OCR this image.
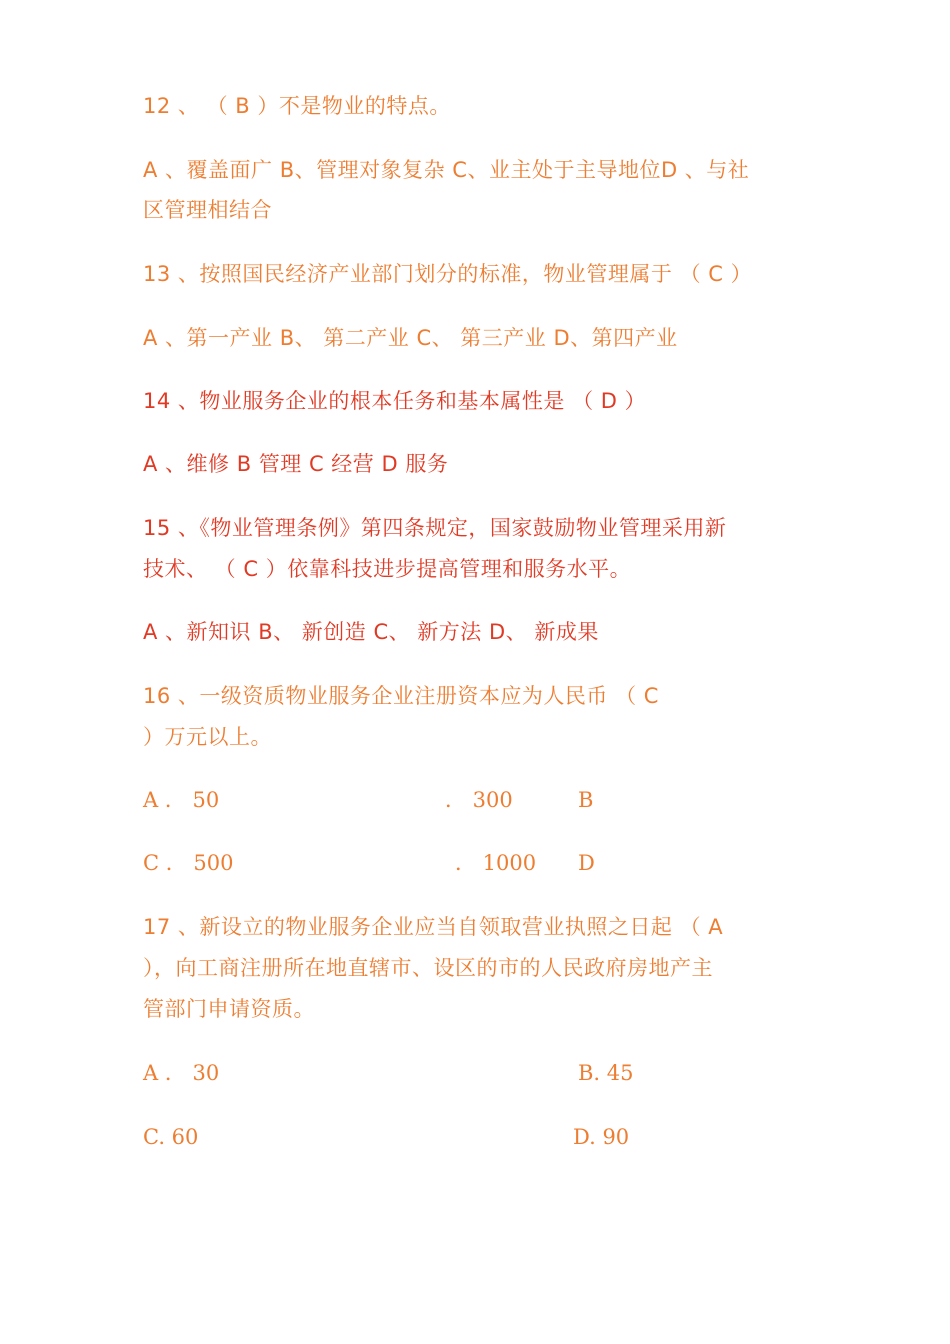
12 、 （ B ）不是物业的特点。
A 、覆盖面广 B、管理对象复杂 C、业主处于主导地位D 、与社
区管理相结合
13 、按照国民经济产业部门划分的标准，物业管理属于 （ C ）
A 、第一产业 B、 第二产业 C、 第三产业 D、第四产业
14 、物业服务企业的根本任务和基本属性是 （ D ）
A 、维修 B 管理 C 经营 D 服务
15 、《物业管理条例》第四条规定，国家鼓励物业管理采用新
技术、 （ C ）依靠科技进步提高管理和服务水平。
A 、新知识 B、 新创造 C、 新方法 D、 新成果
16 、一级资质物业服务企业注册资本应为人民币 （ C
）万元以上。
A ． 50	． 300	B
C ． 500	． 1000 D
17 、新设立的物业服务企业应当自领取营业执照之日起 （ A
），向工商注册所在地直辖市、设区的市的人民政府房地产主
管部门申请资质。
A ． 30	B. 45
C. 60	D. 90
